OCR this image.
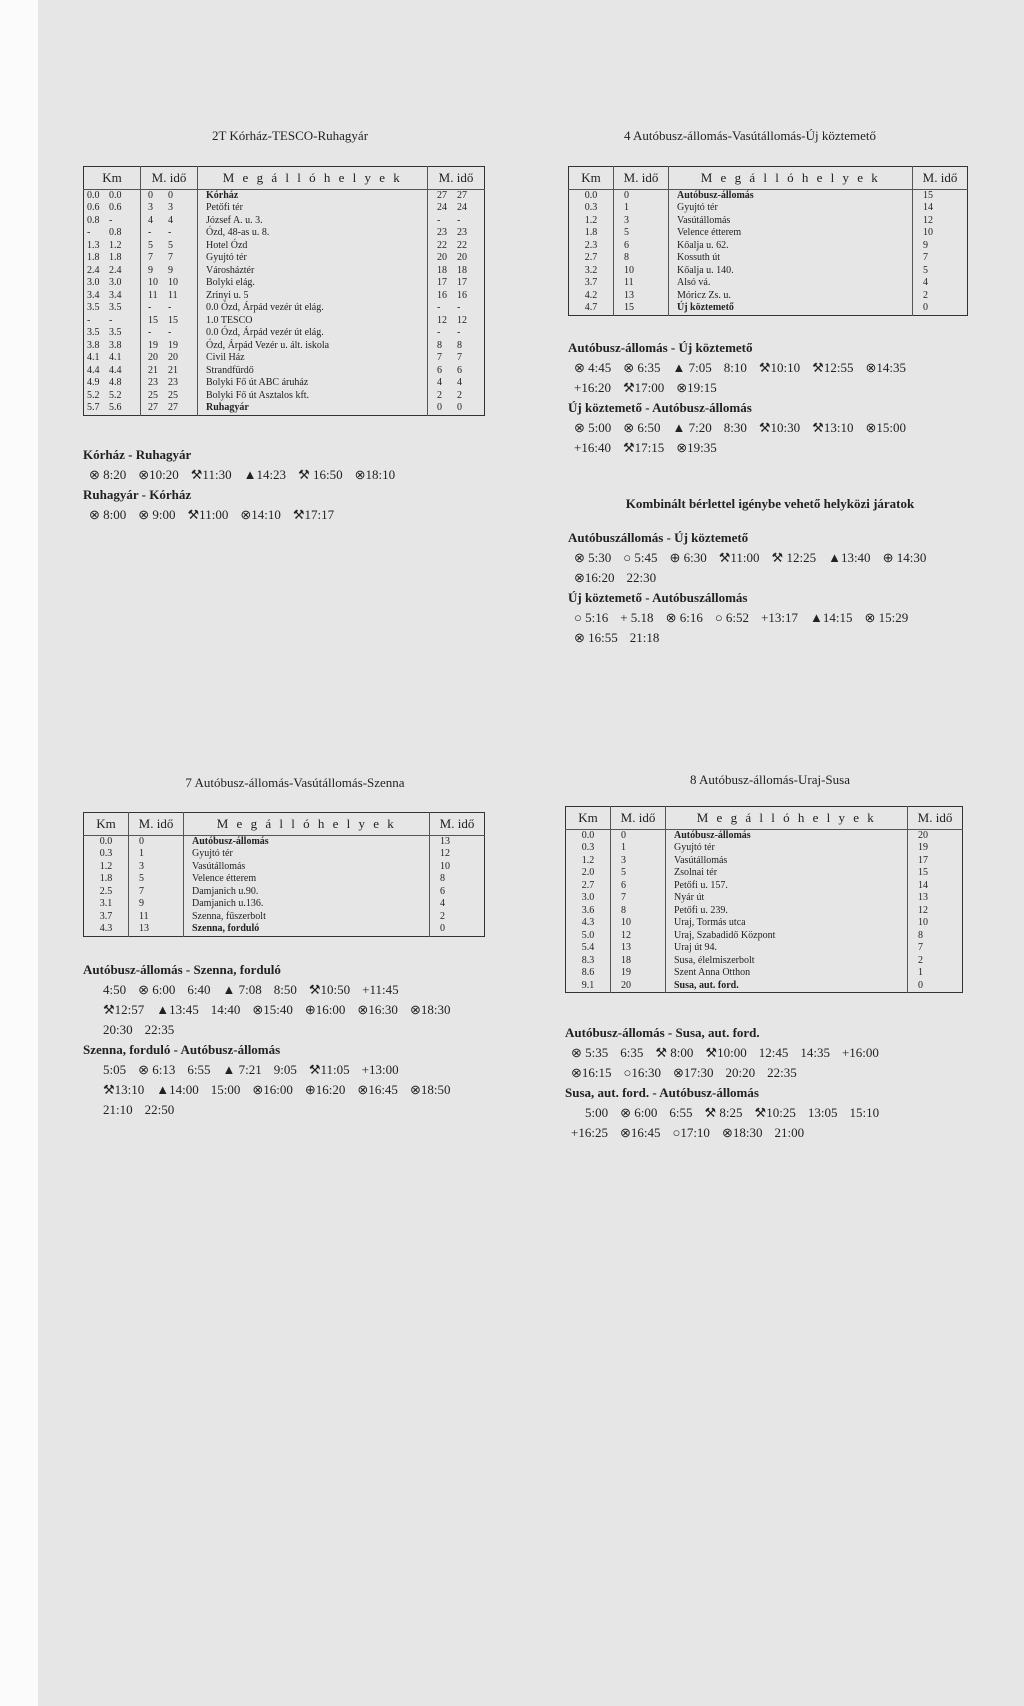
2T Kórház-TESCO-Ruhagyár
Km	M. idő	M e g á l l ó h e l y e k	M. idő
0.0 0.0	0 0	Kórház	27 27
0.6 0.6	3 3	Petőfi tér	24 24
0.8 -	4 4	József A. u. 3.	- -
- 0.8	- -	Ózd, 48-as u. 8.	23 23
1.3 1.2	5 5	Hotel Ózd	22 22
1.8 1.8	7 7	Gyujtó tér	20 20
2.4 2.4	9 9	Városháztér	18 18
3.0 3.0	10 10	Bolyki elág.	17 17
3.4 3.4	11 11	Zrinyi u. 5	16 16
3.5 3.5	- -	0.0 Ózd, Árpád vezér út elág.	- -
- -	15 15	1.0 TESCO	12 12
3.5 3.5	- -	0.0 Ózd, Árpád vezér út elág.	- -
3.8 3.8	19 19	Ózd, Árpád Vezér u. ált. iskola	8 8
4.1 4.1	20 20	Civil Ház	7 7
4.4 4.4	21 21	Strandfürdő	6 6
4.9 4.8	23 23	Bolyki Fő út ABC áruház	4 4
5.2 5.2	25 25	Bolyki Fő út Asztalos kft.	2 2
5.7 5.6	27 27	Ruhagyár	0 0
Kórház - Ruhagyár
⊗ 8:20 ⊗10:20 ⚒11:30 ▲14:23 ⚒ 16:50 ⊗18:10
Ruhagyár - Kórház
⊗ 8:00 ⊗ 9:00 ⚒11:00 ⊗14:10 ⚒17:17
4 Autóbusz-állomás-Vasútállomás-Új köztemető
Km	M. idő	M e g á l l ó h e l y e k	M. idő
0.0	0	Autóbusz-állomás	15
0.3	1	Gyujtó tér	14
1.2	3	Vasútállomás	12
1.8	5	Velence étterem	10
2.3	6	Kőalja u. 62.	9
2.7	8	Kossuth út	7
3.2	10	Kőalja u. 140.	5
3.7	11	Alsó vá.	4
4.2	13	Móricz Zs. u.	2
4.7	15	Új köztemető	0
Autóbusz-állomás - Új köztemető
⊗ 4:45 ⊗ 6:35 ▲ 7:05 8:10 ⚒10:10 ⚒12:55 ⊗14:35
+16:20 ⚒17:00 ⊗19:15
Új köztemető - Autóbusz-állomás
⊗ 5:00 ⊗ 6:50 ▲ 7:20 8:30 ⚒10:30 ⚒13:10 ⊗15:00
+16:40 ⚒17:15 ⊗19:35
Kombinált bérlettel igénybe vehető helyközi járatok
Autóbuszállomás - Új köztemető
⊗ 5:30 ○ 5:45 ⊕ 6:30 ⚒11:00 ⚒ 12:25 ▲13:40 ⊕ 14:30
⊗16:20 22:30
Új köztemető - Autóbuszállomás
○ 5:16 + 5.18 ⊗ 6:16 ○ 6:52 +13:17 ▲14:15 ⊗ 15:29
⊗ 16:55 21:18
7 Autóbusz-állomás-Vasútállomás-Szenna
Km	M. idő	M e g á l l ó h e l y e k	M. idő
0.0	0	Autóbusz-állomás	13
0.3	1	Gyujtó tér	12
1.2	3	Vasútállomás	10
1.8	5	Velence étterem	8
2.5	7	Damjanich u.90.	6
3.1	9	Damjanich u.136.	4
3.7	11	Szenna, fűszerbolt	2
4.3	13	Szenna, forduló	0
Autóbusz-állomás - Szenna, forduló
4:50 ⊗ 6:00 6:40 ▲ 7:08 8:50 ⚒10:50 +11:45
⚒12:57 ▲13:45 14:40 ⊗15:40 ⊕16:00 ⊗16:30 ⊗18:30
20:30 22:35
Szenna, forduló - Autóbusz-állomás
5:05 ⊗ 6:13 6:55 ▲ 7:21 9:05 ⚒11:05 +13:00
⚒13:10 ▲14:00 15:00 ⊗16:00 ⊕16:20 ⊗16:45 ⊗18:50
21:10 22:50
8 Autóbusz-állomás-Uraj-Susa
Km	M. idő	M e g á l l ó h e l y e k	M. idő
0.0	0	Autóbusz-állomás	20
0.3	1	Gyujtó tér	19
1.2	3	Vasútállomás	17
2.0	5	Zsolnai tér	15
2.7	6	Petőfi u. 157.	14
3.0	7	Nyár út	13
3.6	8	Petőfi u. 239.	12
4.3	10	Uraj, Tormás utca	10
5.0	12	Uraj, Szabadidő Központ	8
5.4	13	Uraj út 94.	7
8.3	18	Susa, élelmiszerbolt	2
8.6	19	Szent Anna Otthon	1
9.1	20	Susa, aut. ford.	0
Autóbusz-állomás - Susa, aut. ford.
⊗ 5:35 6:35 ⚒ 8:00 ⚒10:00 12:45 14:35 +16:00
⊗16:15 ○16:30 ⊗17:30 20:20 22:35
Susa, aut. ford. - Autóbusz-állomás
5:00 ⊗ 6:00 6:55 ⚒ 8:25 ⚒10:25 13:05 15:10
+16:25 ⊗16:45 ○17:10 ⊗18:30 21:00
